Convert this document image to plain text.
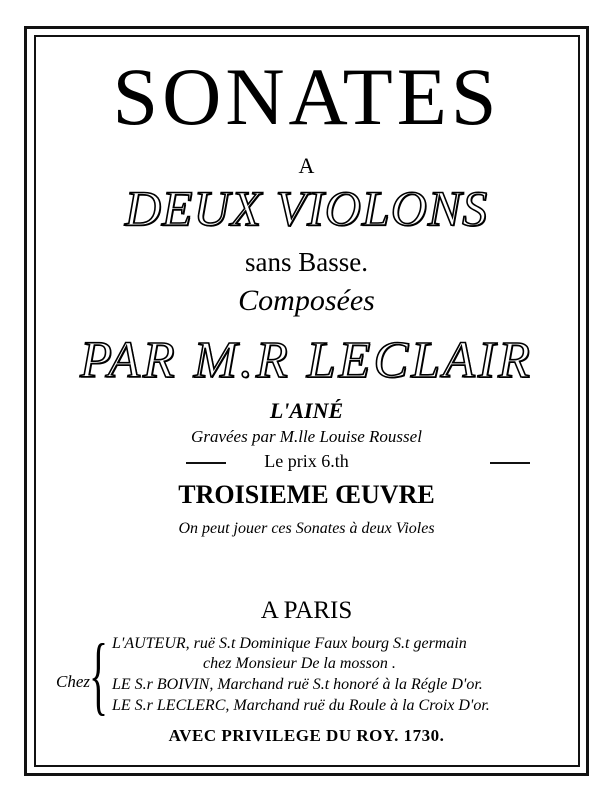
SONATES
A
DEUX VIOLONS
sans Basse.
Composées
PAR M.R LECLAIR
L'AINÉ
Gravées par M.lle Louise Roussel
Le prix 6.th
TROISIEME ŒUVRE
On peut jouer ces Sonates à deux Violes
A PARIS
Chez { L'AUTEUR, ruë S.t Dominique Faux bourg S.t germain
chez Monsieur De la mosson .
LE S.r BOIVIN, Marchand ruë S.t honoré à la Régle D'or.
LE S.r LECLERC, Marchand ruë du Roule à la Croix D'or.
AVEC PRIVILEGE DU ROY. 1730.
